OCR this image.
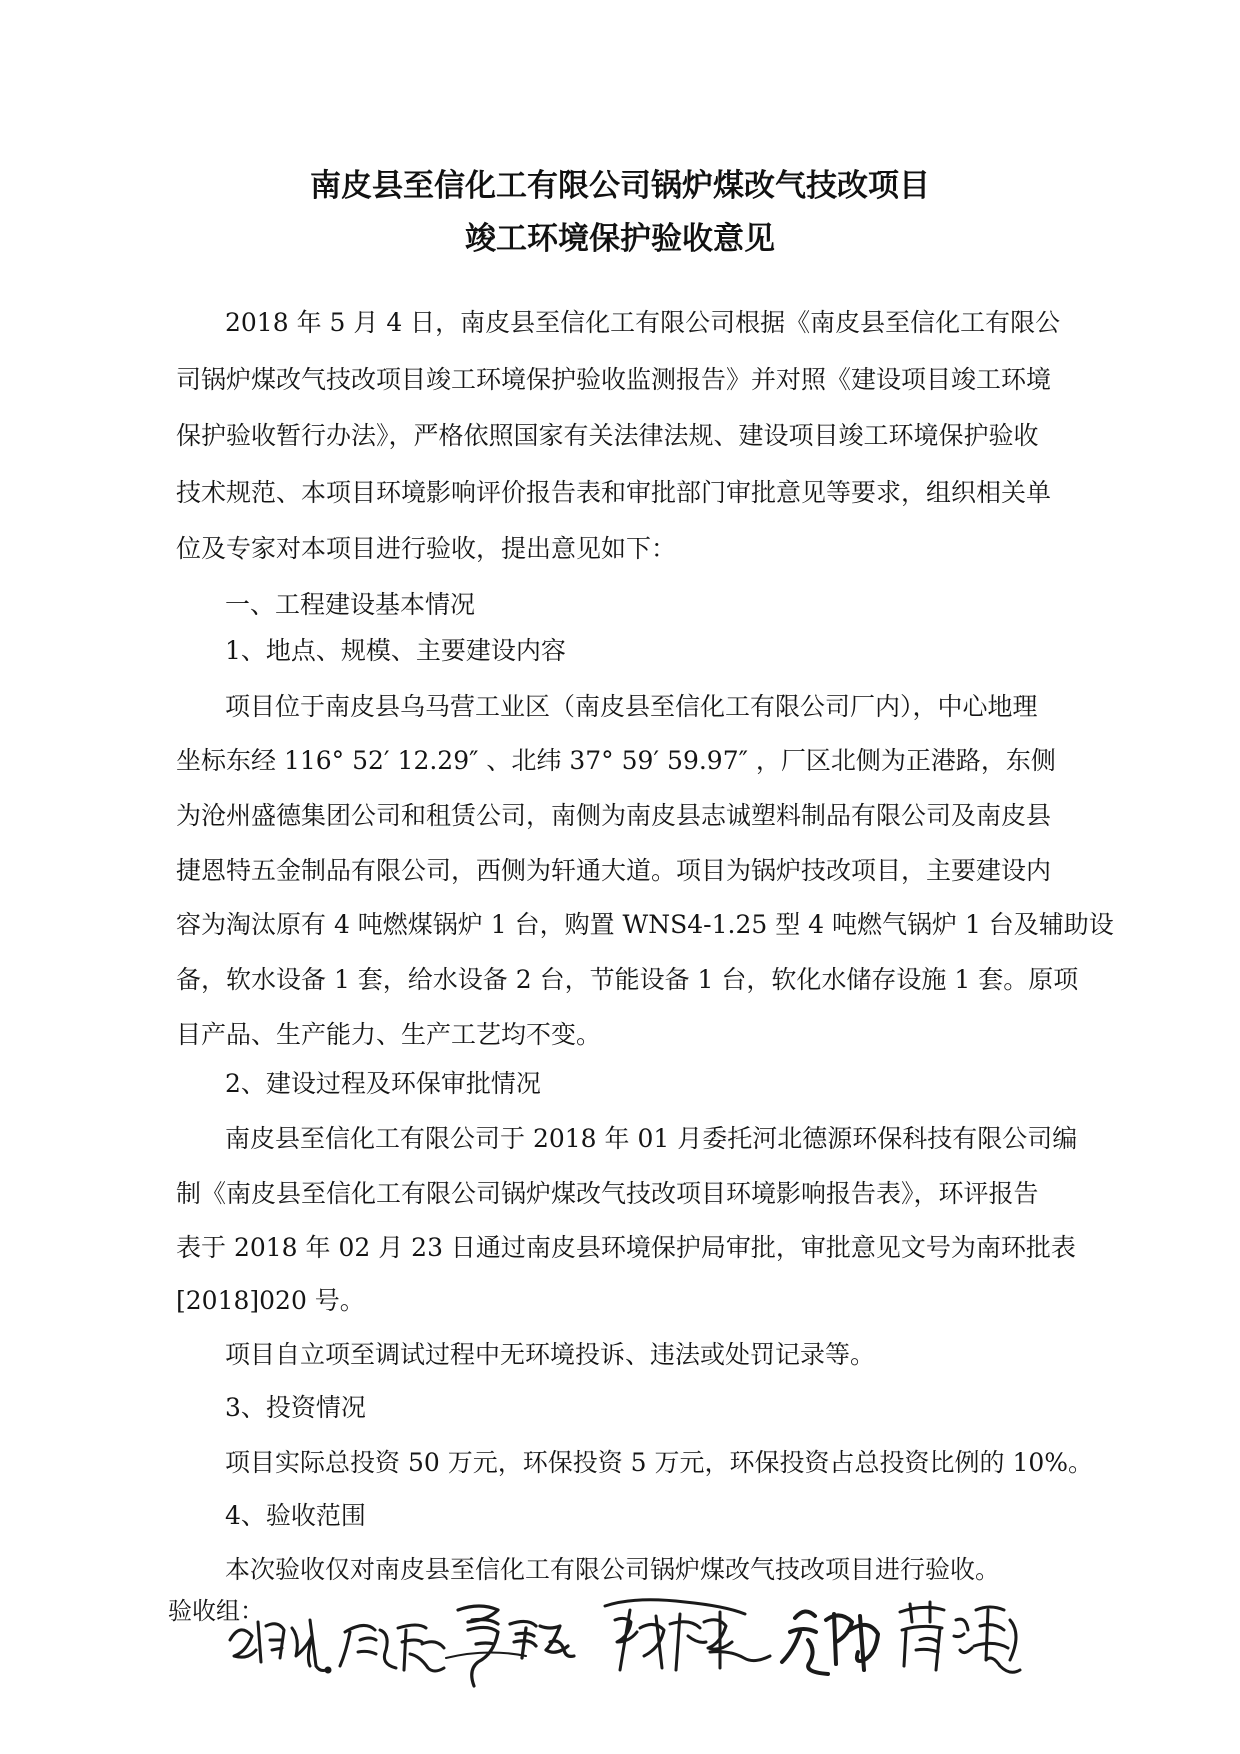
南皮县至信化工有限公司锅炉煤改气技改项目
竣工环境保护验收意见
2018 年 5 月 4 日，南皮县至信化工有限公司根据《南皮县至信化工有限公
司锅炉煤改气技改项目竣工环境保护验收监测报告》并对照《建设项目竣工环境
保护验收暂行办法》，严格依照国家有关法律法规、建设项目竣工环境保护验收
技术规范、本项目环境影响评价报告表和审批部门审批意见等要求，组织相关单
位及专家对本项目进行验收，提出意见如下：
一、工程建设基本情况
1、地点、规模、主要建设内容
项目位于南皮县乌马营工业区（南皮县至信化工有限公司厂内），中心地理
坐标东经 116° 52′ 12.29″ 、北纬 37° 59′ 59.97″ ，厂区北侧为正港路，东侧
为沧州盛德集团公司和租赁公司，南侧为南皮县志诚塑料制品有限公司及南皮县
捷恩特五金制品有限公司，西侧为轩通大道。项目为锅炉技改项目，主要建设内
容为淘汰原有 4 吨燃煤锅炉 1 台，购置 WNS4-1.25 型 4 吨燃气锅炉 1 台及辅助设
备，软水设备 1 套，给水设备 2 台，节能设备 1 台，软化水储存设施 1 套。原项
目产品、生产能力、生产工艺均不变。
2、建设过程及环保审批情况
南皮县至信化工有限公司于 2018 年 01 月委托河北德源环保科技有限公司编
制《南皮县至信化工有限公司锅炉煤改气技改项目环境影响报告表》，环评报告
表于 2018 年 02 月 23 日通过南皮县环境保护局审批，审批意见文号为南环批表
[2018]020 号。
项目自立项至调试过程中无环境投诉、违法或处罚记录等。
3、投资情况
项目实际总投资 50 万元，环保投资 5 万元，环保投资占总投资比例的 10%。
4、验收范围
本次验收仅对南皮县至信化工有限公司锅炉煤改气技改项目进行验收。
验收组：
